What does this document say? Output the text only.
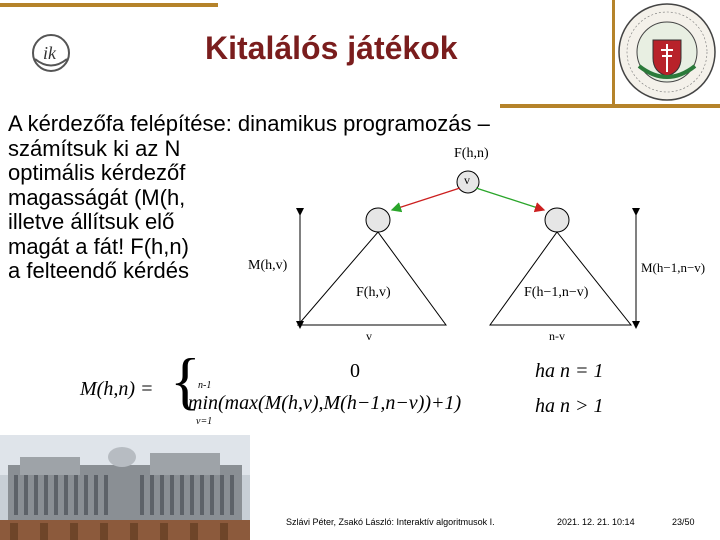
ik	Kitalálós játékok
A kérdezőfa felépítése: dinamikus programozás –
számítsuk ki az N
optimális kérdezőf
magasságát (M(h,
illetve állítsuk elő
magát a fát! F(h,n)
a felteendő kérdés
F(h,n)
v
M(h,v)	M(h−1,n−v)
F(h,v)	F(h−1,n−v)
v	n-v
M(h,n) = {	0	ha n = 1
n-1
min(max(M(h,v),M(h−1,n−v))+1)
v=1
ha n > 1
Szlávi Péter, Zsakó László: Interaktív algoritmusok I.	2021. 12. 21. 10:14	23/50
